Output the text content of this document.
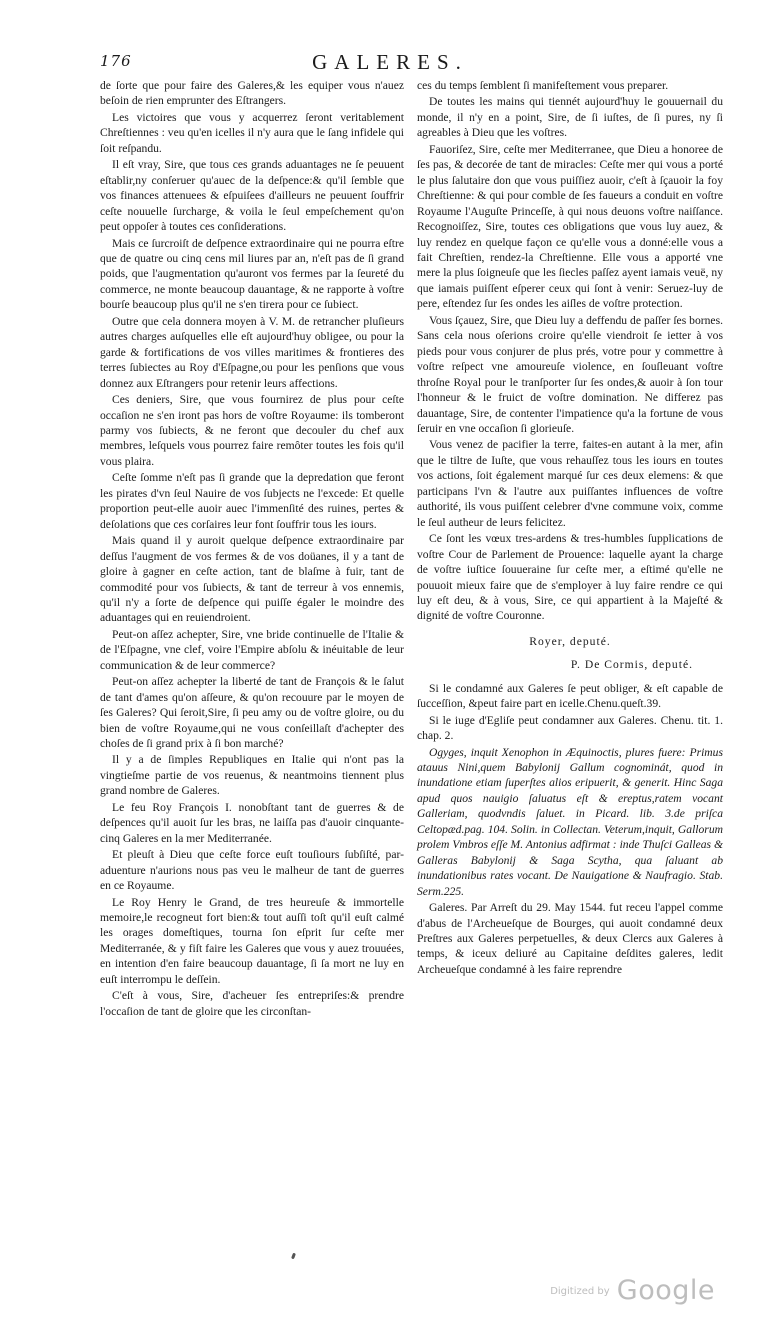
176	GALERES.

de ſorte que pour faire des Galeres,& les equiper vous n'auez beſoin de rien emprunter des Eſtrangers.

Les victoires que vous y acquerrez ſeront veritablement Chreſtiennes : veu qu'en icelles il n'y aura que le ſang infidele qui ſoit reſpandu.

Il eſt vray, Sire, que tous ces grands aduantages ne ſe peuuent eſtablir,ny conſeruer qu'auec de la deſpence:& qu'il ſemble que vos finances attenuees & eſpuiſees d'ailleurs ne peuuent ſouffrir ceſte nouuelle ſurcharge, & voila le ſeul empeſchement qu'on peut oppoſer à toutes ces conſiderations.

Mais ce ſurcroiſt de deſpence extraordinaire qui ne pourra eſtre que de quatre ou cinq cens mil liures par an, n'eſt pas de ſi grand poids, que l'augmentation qu'auront vos fermes par la ſeureté du commerce, ne monte beaucoup dauantage, & ne rapporte à voſtre bourſe beaucoup plus qu'il ne s'en tirera pour ce ſubiect.

Outre que cela donnera moyen à V. M. de retrancher pluſieurs autres charges auſquelles elle eſt aujourd'huy obligee, ou pour la garde & fortifications de vos villes maritimes & frontieres des terres ſubiectes au Roy d'Eſpagne,ou pour les penſions que vous donnez aux Eſtrangers pour retenir leurs affections.

Ces deniers, Sire, que vous fournirez de plus pour ceſte occaſion ne s'en iront pas hors de voſtre Royaume: ils tomberont parmy vos ſubiects, & ne feront que decouler du chef aux membres, leſquels vous pourrez faire remôter toutes les fois qu'il vous plaira.

Ceſte ſomme n'eſt pas ſi grande que la depredation que feront les pirates d'vn ſeul Nauire de vos ſubjects ne l'excede: Et quelle proportion peut-elle auoir auec l'immenſité des ruines, pertes & deſolations que ces corſaires leur font ſouffrir tous les iours.

Mais quand il y auroit quelque deſpence extraordinaire par deſſus l'augment de vos fermes & de vos doüanes, il y a tant de gloire à gagner en ceſte action, tant de blaſme à fuir, tant de commodité pour vos ſubiects, & tant de terreur à vos ennemis, qu'il n'y a ſorte de deſpence qui puiſſe égaler le moindre des aduantages qui en reuiendroient.

Peut-on aſſez achepter, Sire, vne bride continuelle de l'Italie & de l'Eſpagne, vne clef, voire l'Empire abſolu & inéuitable de leur communication & de leur commerce?

Peut-on aſſez achepter la liberté de tant de François & le ſalut de tant d'ames qu'on aſſeure, & qu'on recouure par le moyen de ſes Galeres? Qui ſeroit,Sire, ſi peu amy ou de voſtre gloire, ou du bien de voſtre Royaume,qui ne vous conſeillaſt d'achepter des choſes de ſi grand prix à ſi bon marché?

Il y a de ſimples Republiques en Italie qui n'ont pas la vingtieſme partie de vos reuenus, & neantmoins tiennent plus grand nombre de Galeres.

Le feu Roy François I. nonobſtant tant de guerres & de deſpences qu'il auoit ſur les bras, ne laiſſa pas d'auoir cinquante-cinq Galeres en la mer Mediterranée.

Et pleuſt à Dieu que ceſte force euſt touſiours ſubſiſté, par-aduenture n'aurions nous pas veu le malheur de tant de guerres en ce Royaume.

Le Roy Henry le Grand, de tres heureuſe & immortelle memoire,le recogneut fort bien:& tout auſſi toſt qu'il euſt calmé les orages domeſtiques, tourna ſon eſprit ſur ceſte mer Mediterranée, & y fiſt faire les Galeres que vous y auez trouuées, en intention d'en faire beaucoup dauantage, ſi ſa mort ne luy en euſt interrompu le deſſein.

C'eſt à vous, Sire, d'acheuer ſes entrepriſes:& prendre l'occaſion de tant de gloire que les circonſtan-

ces du temps ſemblent ſi manifeſtement vous preparer.

De toutes les mains qui tiennét aujourd'huy le gouuernail du monde, il n'y en a point, Sire, de ſi iuſtes, de ſi pures, ny ſi agreables à Dieu que les voſtres.

Fauoriſez, Sire, ceſte mer Mediterranee, que Dieu a honoree de ſes pas, & decorée de tant de miracles: Ceſte mer qui vous a porté le plus ſalutaire don que vous puiſſiez auoir, c'eſt à ſçauoir la foy Chreſtienne: & qui pour comble de ſes faueurs a conduit en voſtre Royaume l'Auguſte Princeſſe, à qui nous deuons voſtre naiſſance. Recognoiſſez, Sire, toutes ces obligations que vous luy auez, & luy rendez en quelque façon ce qu'elle vous a donné:elle vous a fait Chreſtien, rendez-la Chreſtienne. Elle vous a apporté vne mere la plus ſoigneuſe que les ſiecles paſſez ayent iamais veuë, ny que iamais puiſſent eſperer ceux qui ſont à venir: Seruez-luy de pere, eſtendez ſur ſes ondes les aiſles de voſtre protection.

Vous ſçauez, Sire, que Dieu luy a deffendu de paſſer ſes bornes. Sans cela nous oſerions croire qu'elle viendroit ſe ietter à vos pieds pour vous conjurer de plus prés, votre pour y commettre à voſtre reſpect vne amoureuſe violence, en ſouſleuant voſtre throſne Royal pour le tranſporter ſur ſes ondes,& auoir à ſon tour l'honneur & le fruict de voſtre domination. Ne differez pas dauantage, Sire, de contenter l'impatience qu'a la fortune de vous ſeruir en vne occaſion ſi glorieuſe.

Vous venez de pacifier la terre, faites-en autant à la mer, afin que le tiltre de Iuſte, que vous rehauſſez tous les iours en toutes vos actions, ſoit également marqué ſur ces deux elemens: & que participans l'vn & l'autre aux puiſſantes influences de voſtre authorité, ils vous puiſſent celebrer d'vne commune voix, comme le ſeul autheur de leurs felicitez.

Ce ſont les vœux tres-ardens & tres-humbles ſupplications de voſtre Cour de Parlement de Prouence: laquelle ayant la charge de voſtre iuſtice ſouueraine ſur ceſte mer, a eſtimé qu'elle ne pouuoit mieux faire que de s'employer à luy faire rendre ce qui luy eſt deu, & à vous, Sire, ce qui appartient à la Majeſté & dignité de voſtre Couronne.

Royer, deputé.

P. De Cormis, deputé.

Si le condamné aux Galeres ſe peut obliger, & eſt capable de ſucceſſion, &peut faire part en icelle.Chenu.queſt.39.

Si le iuge d'Egliſe peut condamner aux Galeres. Chenu. tit. 1. chap. 2.

Ogyges, inquit Xenophon in Æquinoctis, plures fuere: Primus atauus Nini,quem Babylonij Gallum cognominát, quod in inundatione etiam ſuperſtes alios eripuerit, & generit. Hinc Saga apud quos nauigio ſaluatus eſt & ereptus,ratem vocant Galleriam, quodvndis ſaluet. in Picard. lib. 3.de priſca Celtopæd.pag. 104. Solin. in Collectan. Veterum,inquit, Gallorum prolem Vmbros eſſe M. Antonius adfirmat : inde Thuſci Galleas & Galleras Babylonij & Saga Scytha, qua ſaluant ab inundationibus rates vocant. De Nauigatione & Naufragio. Stab. Serm.225.

Galeres. Par Arreſt du 29. May 1544. fut receu l'appel comme d'abus de l'Archeueſque de Bourges, qui auoit condamné deux Preſtres aux Galeres perpetuelles, & deux Clercs aux Galeres à temps, & iceux deliuré au Capitaine deſdites galeres, ledit Archeueſque condamné à les faire reprendre

$^{Digitized by}$ Google
